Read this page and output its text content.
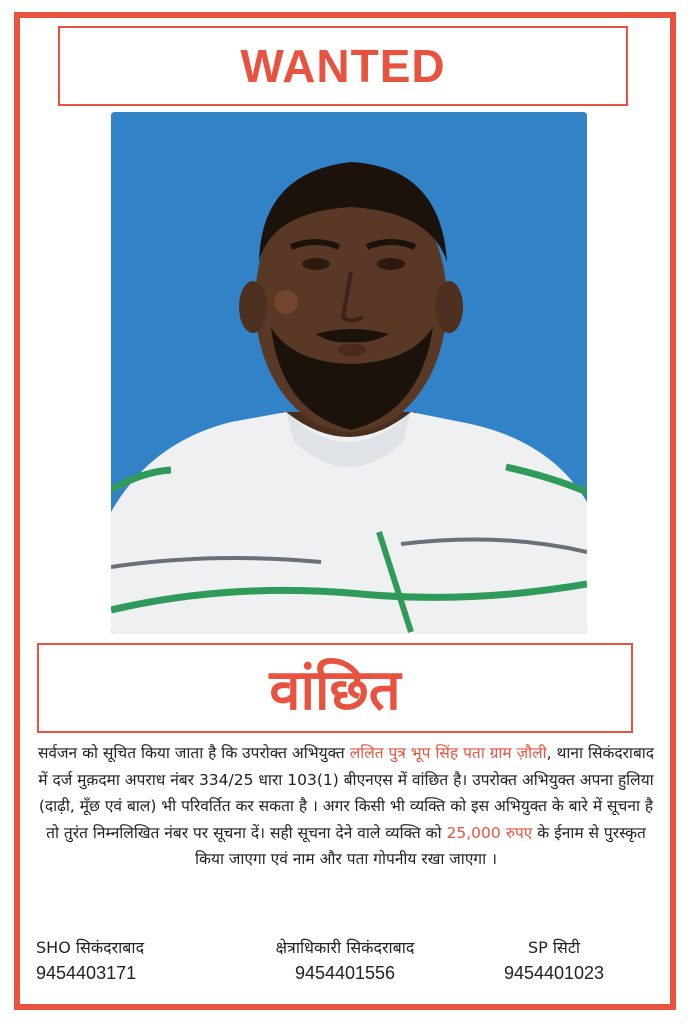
WANTED
वांछित
सर्वजन को सूचित किया जाता है कि उपरोक्त अभियुक्त ललित पुत्र भूप सिंह पता ग्राम ज़ौली, थाना सिकंदराबाद में दर्ज मुक़दमा अपराध नंबर 334/25 धारा 103(1) बीएनएस में वांछित है। उपरोक्त अभियुक्त अपना हुलिया (दाढ़ी, मूँछ एवं बाल) भी परिवर्तित कर सकता है । अगर किसी भी व्यक्ति को इस अभियुक्त के बारे में सूचना है तो तुरंत निम्नलिखित नंबर पर सूचना दें। सही सूचना देने वाले व्यक्ति को 25,000 रुपए के ईनाम से पुरस्कृत किया जाएगा एवं नाम और पता गोपनीय रखा जाएगा ।
SHO सिकंदराबाद
9454403171
क्षेत्राधिकारी सिकंदराबाद
9454401556
SP सिटी
9454401023
